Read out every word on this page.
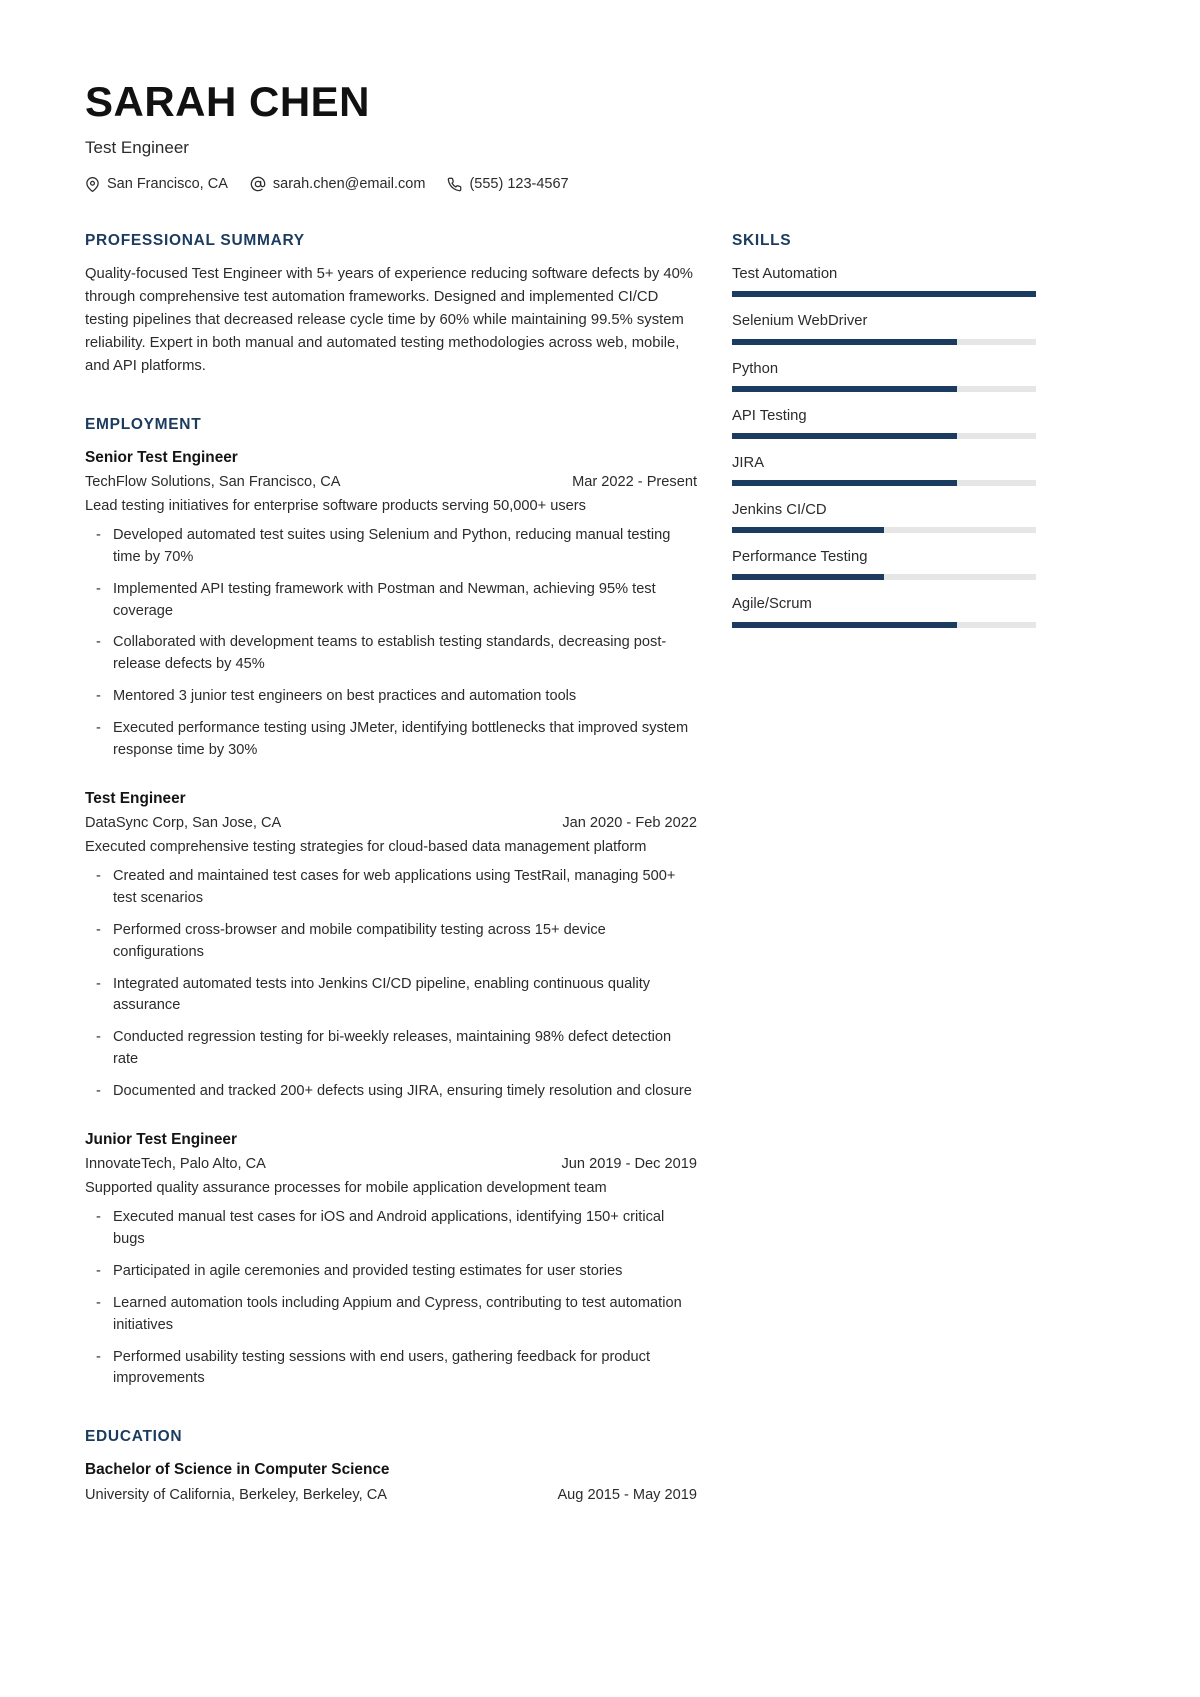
SARAH CHEN
Test Engineer
San Francisco, CA	sarah.chen@email.com	(555) 123-4567
PROFESSIONAL SUMMARY
Quality-focused Test Engineer with 5+ years of experience reducing software defects by 40% through comprehensive test automation frameworks. Designed and implemented CI/CD testing pipelines that decreased release cycle time by 60% while maintaining 99.5% system reliability. Expert in both manual and automated testing methodologies across web, mobile, and API platforms.
EMPLOYMENT
Senior Test Engineer
TechFlow Solutions, San Francisco, CA	Mar 2022 - Present
Lead testing initiatives for enterprise software products serving 50,000+ users
- Developed automated test suites using Selenium and Python, reducing manual testing time by 70%
- Implemented API testing framework with Postman and Newman, achieving 95% test coverage
- Collaborated with development teams to establish testing standards, decreasing post-release defects by 45%
- Mentored 3 junior test engineers on best practices and automation tools
- Executed performance testing using JMeter, identifying bottlenecks that improved system response time by 30%
Test Engineer
DataSync Corp, San Jose, CA	Jan 2020 - Feb 2022
Executed comprehensive testing strategies for cloud-based data management platform
- Created and maintained test cases for web applications using TestRail, managing 500+ test scenarios
- Performed cross-browser and mobile compatibility testing across 15+ device configurations
- Integrated automated tests into Jenkins CI/CD pipeline, enabling continuous quality assurance
- Conducted regression testing for bi-weekly releases, maintaining 98% defect detection rate
- Documented and tracked 200+ defects using JIRA, ensuring timely resolution and closure
Junior Test Engineer
InnovateTech, Palo Alto, CA	Jun 2019 - Dec 2019
Supported quality assurance processes for mobile application development team
- Executed manual test cases for iOS and Android applications, identifying 150+ critical bugs
- Participated in agile ceremonies and provided testing estimates for user stories
- Learned automation tools including Appium and Cypress, contributing to test automation initiatives
- Performed usability testing sessions with end users, gathering feedback for product improvements
EDUCATION
Bachelor of Science in Computer Science
University of California, Berkeley, Berkeley, CA	Aug 2015 - May 2019
SKILLS
Test Automation
Selenium WebDriver
Python
API Testing
JIRA
Jenkins CI/CD
Performance Testing
Agile/Scrum
